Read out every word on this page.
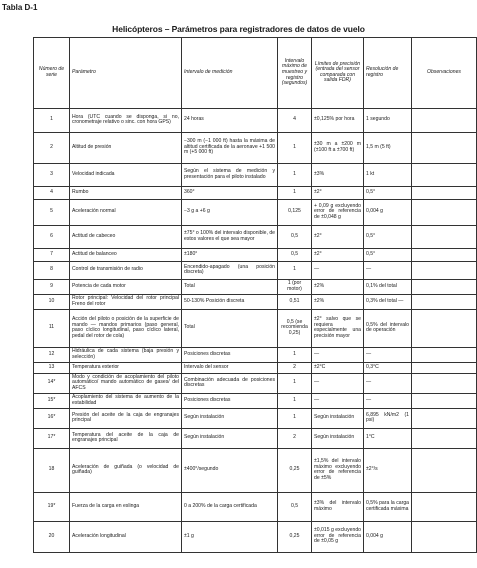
Tabla D-1
Helicópteros – Parámetros para registradores de datos de vuelo
Número de serie	Parámetro	Intervalo de medición	Intervalo máximo de muestreo y registro (segundos)	Límites de precisión (entrada del sensor comparada con salida FDR)	Resolución de registro	Observaciones
1	Hora (UTC cuando se disponga, si no, cronometraje relativo o sinc. con hora GPS)	24 horas	4	±0,125% por hora	1 segundo	
2	Altitud de presión	−300 m (−1 000 ft) hasta la máxima de altitud certificada de la aeronave +1 500 m (+5 000 ft)	1	±30 m a ±200 m (±100 ft a ±700 ft)	1,5 m (5 ft)	
3	Velocidad indicada	Según el sistema de medición y presentación para el piloto instalado	1	±3%	1 kt	
4	Rumbo	360°	1	±2°	0,5°	
5	Aceleración normal	−3 g a +6 g	0,125	+ 0,09 g excluyendo error de referencia de ±0,048 g	0,004 g	
6	Actitud de cabeceo	±75° o 100% del intervalo disponible, de estos valores el que sea mayor	0,5	±2°	0,5°	
7	Actitud de balanceo	±180°	0,5	±2°	0,5°	
8	Control de transmisión de radio	Encendido-apagado (una posición discreta)	1	—	—	
9	Potencia de cada motor	Total	1 (por motor)	±2%	0,1% del total	
10	Rotor principal: Velocidad del rotor principal Freno del rotor	50-130% Posición discreta	0,51	±2%	0,3% del total —	
11	Acción del piloto o posición de la superficie de mando — mandos primarios (paso general, paso cíclico longitudinal, paso cíclico lateral, pedal del rotor de cola)	Total	0,5 (se recomienda 0,25)	±2° salvo que se requiera especialmente una precisión mayor	0,5% del intervalo de operación	
12	Hidráulica de cada sistema (baja presión y selección)	Posiciones discretas	1	—	—	
13	Temperatura exterior	Intervalo del sensor	2	±2°C	0,3°C	
14*	Modo y condición de acoplamiento del piloto automático/ mando automático de gases/ del AFCS	Combinación adecuada de posiciones discretas	1	—	—	
15*	Acoplamiento del sistema de aumento de la estabilidad	Posiciones discretas	1	—	—	
16*	Presión del aceite de la caja de engranajes principal	Según instalación	1	Según instalación	6,895 kN/m2 (1 psi)	
17*	Temperatura del aceite de la caja de engranajes principal	Según instalación	2	Según instalación	1°C	
18	Aceleración de guiñada (o velocidad de guiñada)	±400°/segundo	0,25	±1,5% del intervalo máximo excluyendo error de referencia de ±5%	±2°/s	
19*	Fuerza de la carga en eslinga	0 a 200% de la carga certificada	0,5	±3% del intervalo máximo	0,5% para la carga certificada máxima	
20	Aceleración longitudinal	±1 g	0,25	±0,015 g excluyendo error de referencia de ±0,05 g	0,004 g	
